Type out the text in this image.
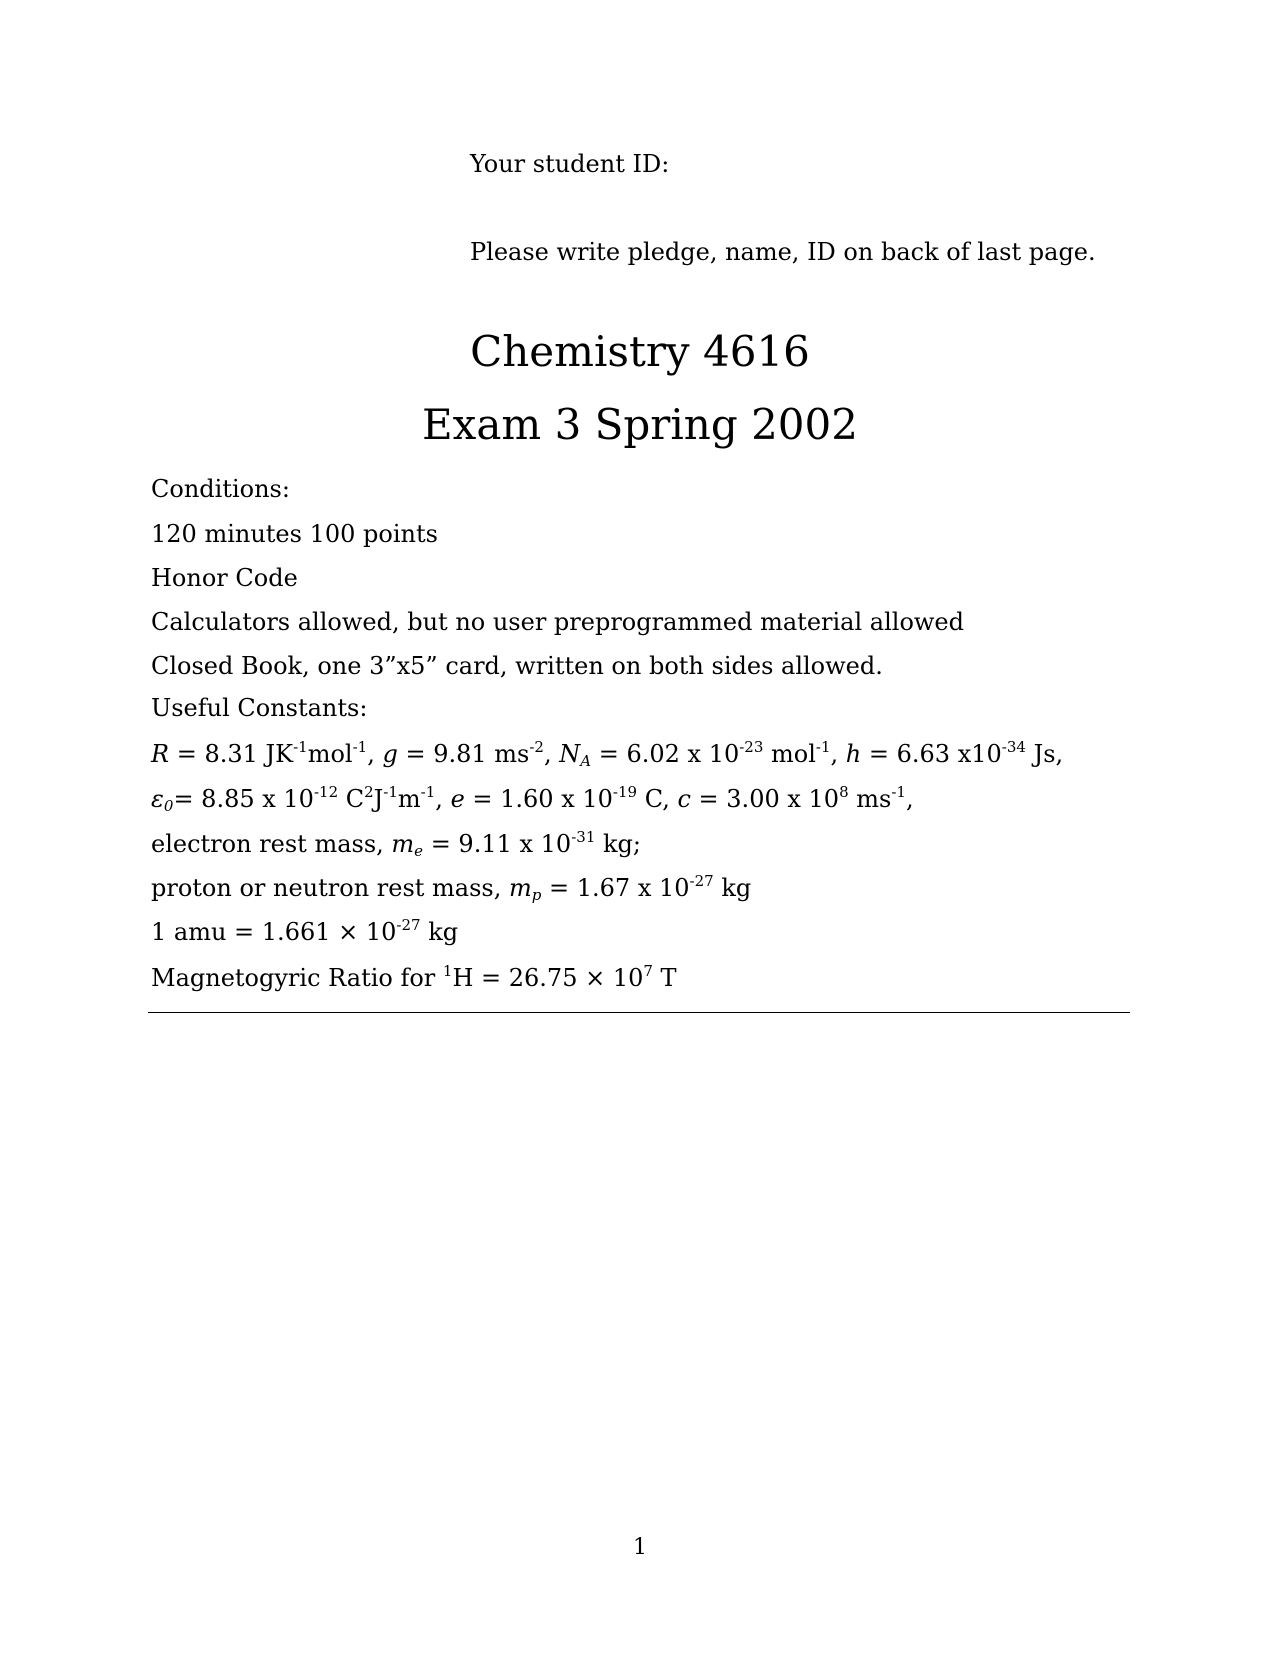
Your student ID:
Please write pledge, name, ID on back of last page.
Chemistry 4616
Exam 3 Spring 2002
Conditions:
120 minutes 100 points
Honor Code
Calculators allowed, but no user preprogrammed material allowed
Closed Book, one 3”x5” card, written on both sides allowed.
Useful Constants:
R = 8.31 $JK^{-1}mol^{-1}$, g = 9.81 $ms^{-2}$, $N_A = 6.02$ x $10^{-23}$ mol$^{-1}$, h = 6.63 $x10^{-34}$ Js,
$\varepsilon_0= 8.85$ x $10^{-12}$ $C^2J^{-1}m^{-1}$, e = 1.60 x $10^{-19}$ C, c = 3.00 x $10^8$ $ms^{-1}$,
electron rest mass, $m_e = 9.11$ x $10^{-31}$ kg;
proton or neutron rest mass, $m_p = 1.67$ x $10^{-27}$ kg
1 amu = $1.661 \times 10^{-27}$ kg
Magnetogyric Ratio for $^1H = 26.75 \times 10^7$ T
1
